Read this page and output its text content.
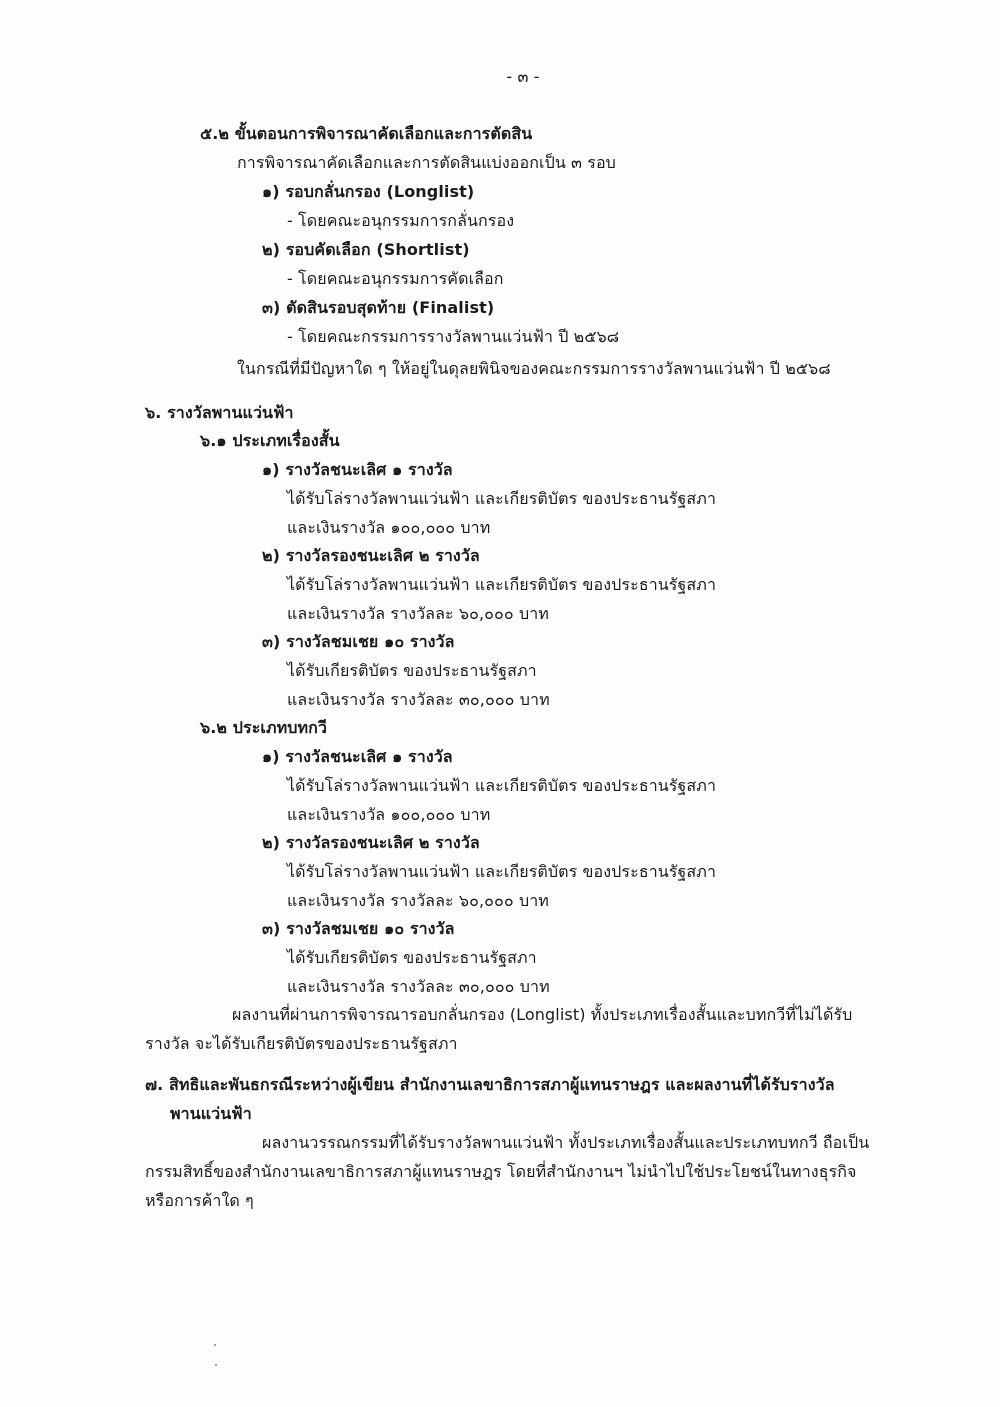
- ๓ -
๕.๒ ขั้นตอนการพิจารณาคัดเลือกและการตัดสิน
การพิจารณาคัดเลือกและการตัดสินแบ่งออกเป็น ๓ รอบ
๑) รอบกลั่นกรอง (Longlist)
- โดยคณะอนุกรรมการกลั่นกรอง
๒) รอบคัดเลือก (Shortlist)
- โดยคณะอนุกรรมการคัดเลือก
๓) ตัดสินรอบสุดท้าย (Finalist)
- โดยคณะกรรมการรางวัลพานแว่นฟ้า ปี ๒๕๖๘
ในกรณีที่มีปัญหาใด ๆ ให้อยู่ในดุลยพินิจของคณะกรรมการรางวัลพานแว่นฟ้า ปี ๒๕๖๘
๖. รางวัลพานแว่นฟ้า
๖.๑ ประเภทเรื่องสั้น
๑) รางวัลชนะเลิศ ๑ รางวัล
ได้รับโล่รางวัลพานแว่นฟ้า และเกียรติบัตร ของประธานรัฐสภา
และเงินรางวัล ๑๐๐,๐๐๐ บาท
๒) รางวัลรองชนะเลิศ ๒ รางวัล
ได้รับโล่รางวัลพานแว่นฟ้า และเกียรติบัตร ของประธานรัฐสภา
และเงินรางวัล รางวัลละ ๖๐,๐๐๐ บาท
๓) รางวัลชมเชย ๑๐ รางวัล
ได้รับเกียรติบัตร ของประธานรัฐสภา
และเงินรางวัล รางวัลละ ๓๐,๐๐๐ บาท
๖.๒ ประเภทบทกวี
๑) รางวัลชนะเลิศ ๑ รางวัล
ได้รับโล่รางวัลพานแว่นฟ้า และเกียรติบัตร ของประธานรัฐสภา
และเงินรางวัล ๑๐๐,๐๐๐ บาท
๒) รางวัลรองชนะเลิศ ๒ รางวัล
ได้รับโล่รางวัลพานแว่นฟ้า และเกียรติบัตร ของประธานรัฐสภา
และเงินรางวัล รางวัลละ ๖๐,๐๐๐ บาท
๓) รางวัลชมเชย ๑๐ รางวัล
ได้รับเกียรติบัตร ของประธานรัฐสภา
และเงินรางวัล รางวัลละ ๓๐,๐๐๐ บาท
ผลงานที่ผ่านการพิจารณารอบกลั่นกรอง (Longlist) ทั้งประเภทเรื่องสั้นและบทกวีที่ไม่ได้รับ
รางวัล จะได้รับเกียรติบัตรของประธานรัฐสภา
๗. สิทธิและพันธกรณีระหว่างผู้เขียน สำนักงานเลขาธิการสภาผู้แทนราษฎร และผลงานที่ได้รับรางวัล
พานแว่นฟ้า
ผลงานวรรณกรรมที่ได้รับรางวัลพานแว่นฟ้า ทั้งประเภทเรื่องสั้นและประเภทบทกวี ถือเป็น
กรรมสิทธิ์ของสำนักงานเลขาธิการสภาผู้แทนราษฎร โดยที่สำนักงานฯ ไม่นำไปใช้ประโยชน์ในทางธุรกิจ
หรือการค้าใด ๆ
